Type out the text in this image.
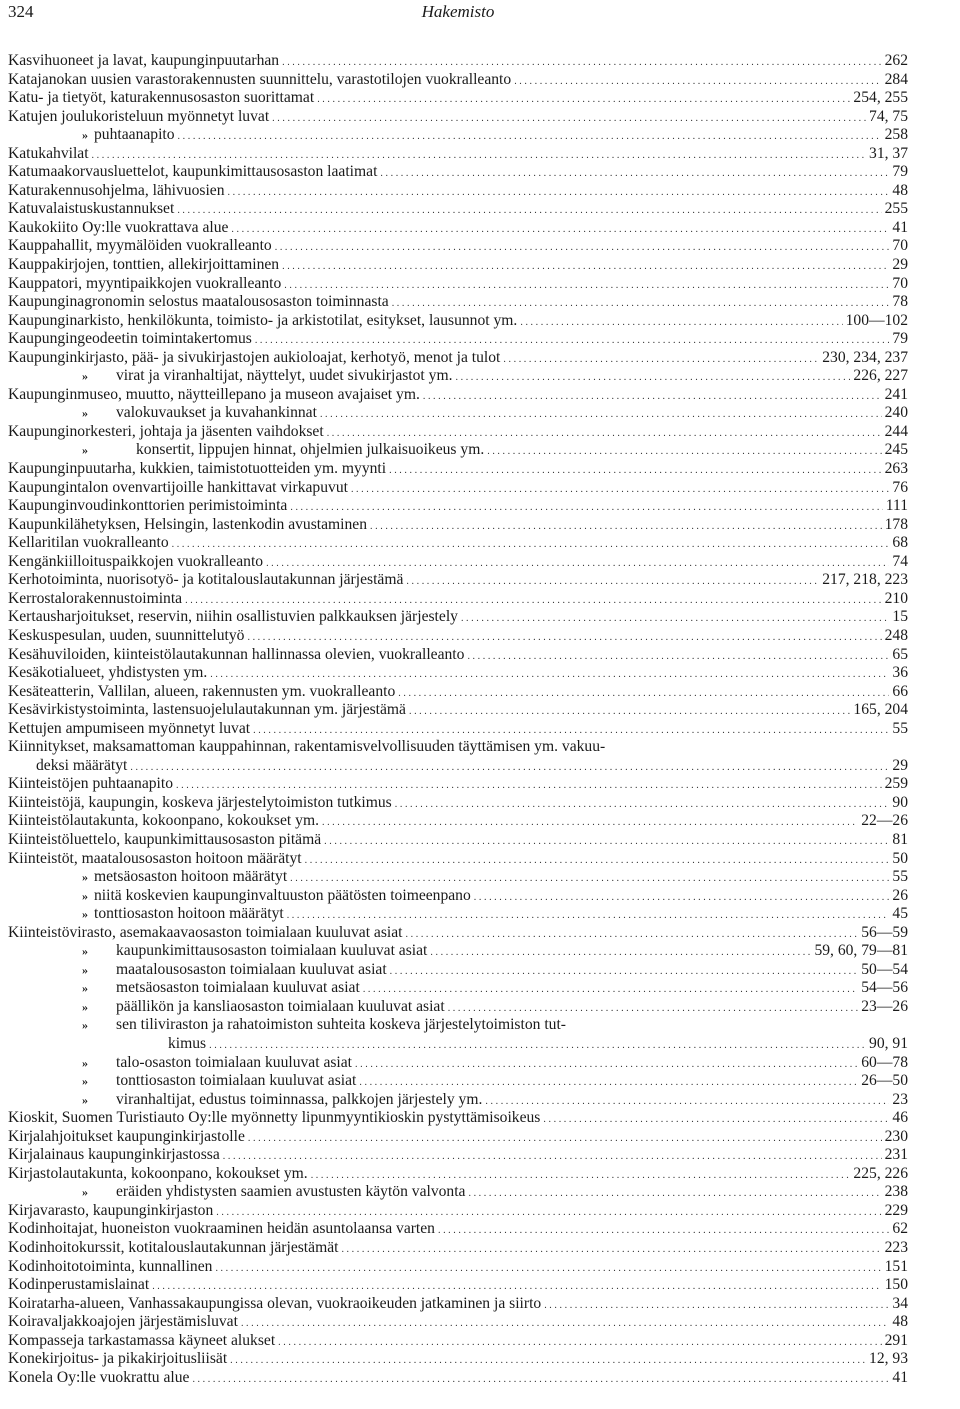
324	Hakemisto
Kasvihuoneet ja lavat, kaupunginpuutarhan .....	262
Katajanokan uusien varastorakennusten suunnittelu, varastotilojen vuokralleanto .....	284
Katu- ja tietyöt, katurakennusosaston suorittamat .....	254, 255
Katujen joulukoristeluun myönnetyt luvat .....	74, 75
» puhtaanapito .....	258
Katukahvilat .....	31, 37
Katumaakorvausluettelot, kaupunkimittausosaston laatimat .....	79
Katurakennusohjelma, lähivuosien .....	48
Katuvalaistuskustannukset .....	255
Kaukokiito Oy:lle vuokrattava alue .....	41
Kauppahallit, myymälöiden vuokralleanto .....	70
Kauppakirjojen, tonttien, allekirjoittaminen .....	29
Kauppatori, myyntipaikkojen vuokralleanto .....	70
Kaupunginagronomin selostus maatalousosaston toiminnasta .....	78
Kaupunginarkisto, henkilökunta, toimisto- ja arkistotilat, esitykset, lausunnot ym. .....	100—102
Kaupungingeodeetin toimintakertomus .....	79
Kaupunginkirjasto, pää- ja sivukirjastojen aukioloajat, kerhotyö, menot ja tulot .....	230, 234, 237
» virat ja viranhaltijat, näyttelyt, uudet sivukirjastot ym. .....	226, 227
Kaupunginmuseo, muutto, näytteillepano ja museon avajaiset ym. .....	241
» valokuvaukset ja kuvahankinnat .....	240
Kaupunginorkesteri, johtaja ja jäsenten vaihdokset .....	244
»	konsertit, lippujen hinnat, ohjelmien julkaisuoikeus ym. .....	245
Kaupunginpuutarha, kukkien, taimistotuotteiden ym. myynti .....	263
Kaupungintalon ovenvartijoille hankittavat virkapuvut .....	76
Kaupunginvoudinkonttorien perimistoiminta .....	111
Kaupunkilähetyksen, Helsingin, lastenkodin avustaminen .....	178
Kellaritilan vuokralleanto .....	68
Kengänkiilloituspaikkojen vuokralleanto .....	74
Kerhotoiminta, nuorisotyö- ja kotitalouslautakunnan järjestämä .....	217, 218, 223
Kerrostalorakennustoiminta .....	210
Kertausharjoitukset, reservin, niihin osallistuvien palkkauksen järjestely .....	15
Keskuspesulan, uuden, suunnittelutyö .....	248
Kesähuviloiden, kiinteistölautakunnan hallinnassa olevien, vuokralleanto .....	65
Kesäkotialueet, yhdistysten ym. .....	36
Kesäteatterin, Vallilan, alueen, rakennusten ym. vuokralleanto .....	66
Kesävirkistystoiminta, lastensuojelulautakunnan ym. järjestämä .....	165, 204
Kettujen ampumiseen myönnetyt luvat .....	55
Kiinnitykset, maksamattoman kauppahinnan, rakentamisvelvollisuuden täyttämisen ym. vakuu-
deksi määrätyt .....	29
Kiinteistöjen puhtaanapito .....	259
Kiinteistöjä, kaupungin, koskeva järjestelytoimiston tutkimus .....	90
Kiinteistölautakunta, kokoonpano, kokoukset ym. .....	22—26
Kiinteistöluettelo, kaupunkimittausosaston pitämä .....	81
Kiinteistöt, maatalousosaston hoitoon määrätyt .....	50
» metsäosaston hoitoon määrätyt .....	55
» niitä koskevien kaupunginvaltuuston päätösten toimeenpano .....	26
» tonttiosaston hoitoon määrätyt .....	45
Kiinteistövirasto, asemakaavaosaston toimialaan kuuluvat asiat .....	56—59
» kaupunkimittausosaston toimialaan kuuluvat asiat .....	59, 60, 79—81
» maatalousosaston toimialaan kuuluvat asiat .....	50—54
» metsäosaston toimialaan kuuluvat asiat .....	54—56
» päällikön ja kansliaosaston toimialaan kuuluvat asiat .....	23—26
» sen tiliviraston ja rahatoimiston suhteita koskeva järjestelytoimiston tut-
kimus .....	90, 91
» talo-osaston toimialaan kuuluvat asiat .....	60—78
» tonttiosaston toimialaan kuuluvat asiat .....	26—50
» viranhaltijat, edustus toiminnassa, palkkojen järjestely ym. .....	23
Kioskit, Suomen Turistiauto Oy:lle myönnetty lipunmyyntikioskin pystyttämisoikeus .....	46
Kirjalahjoitukset kaupunginkirjastolle .....	230
Kirjalainaus kaupunginkirjastossa .....	231
Kirjastolautakunta, kokoonpano, kokoukset ym. .....	225, 226
» eräiden yhdistysten saamien avustusten käytön valvonta .....	238
Kirjavarasto, kaupunginkirjaston .....	229
Kodinhoitajat, huoneiston vuokraaminen heidän asuntolaansa varten .....	62
Kodinhoitokurssit, kotitalouslautakunnan järjestämät .....	223
Kodinhoitotoiminta, kunnallinen .....	151
Kodinperustamislainat .....	150
Koiratarha-alueen, Vanhassakaupungissa olevan, vuokraoikeuden jatkaminen ja siirto .....	34
Koiravaljakkoajojen järjestämisluvat .....	48
Kompasseja tarkastamassa käyneet alukset .....	291
Konekirjoitus- ja pikakirjoitusliisät .....	12, 93
Konela Oy:lle vuokrattu alue .....	41
